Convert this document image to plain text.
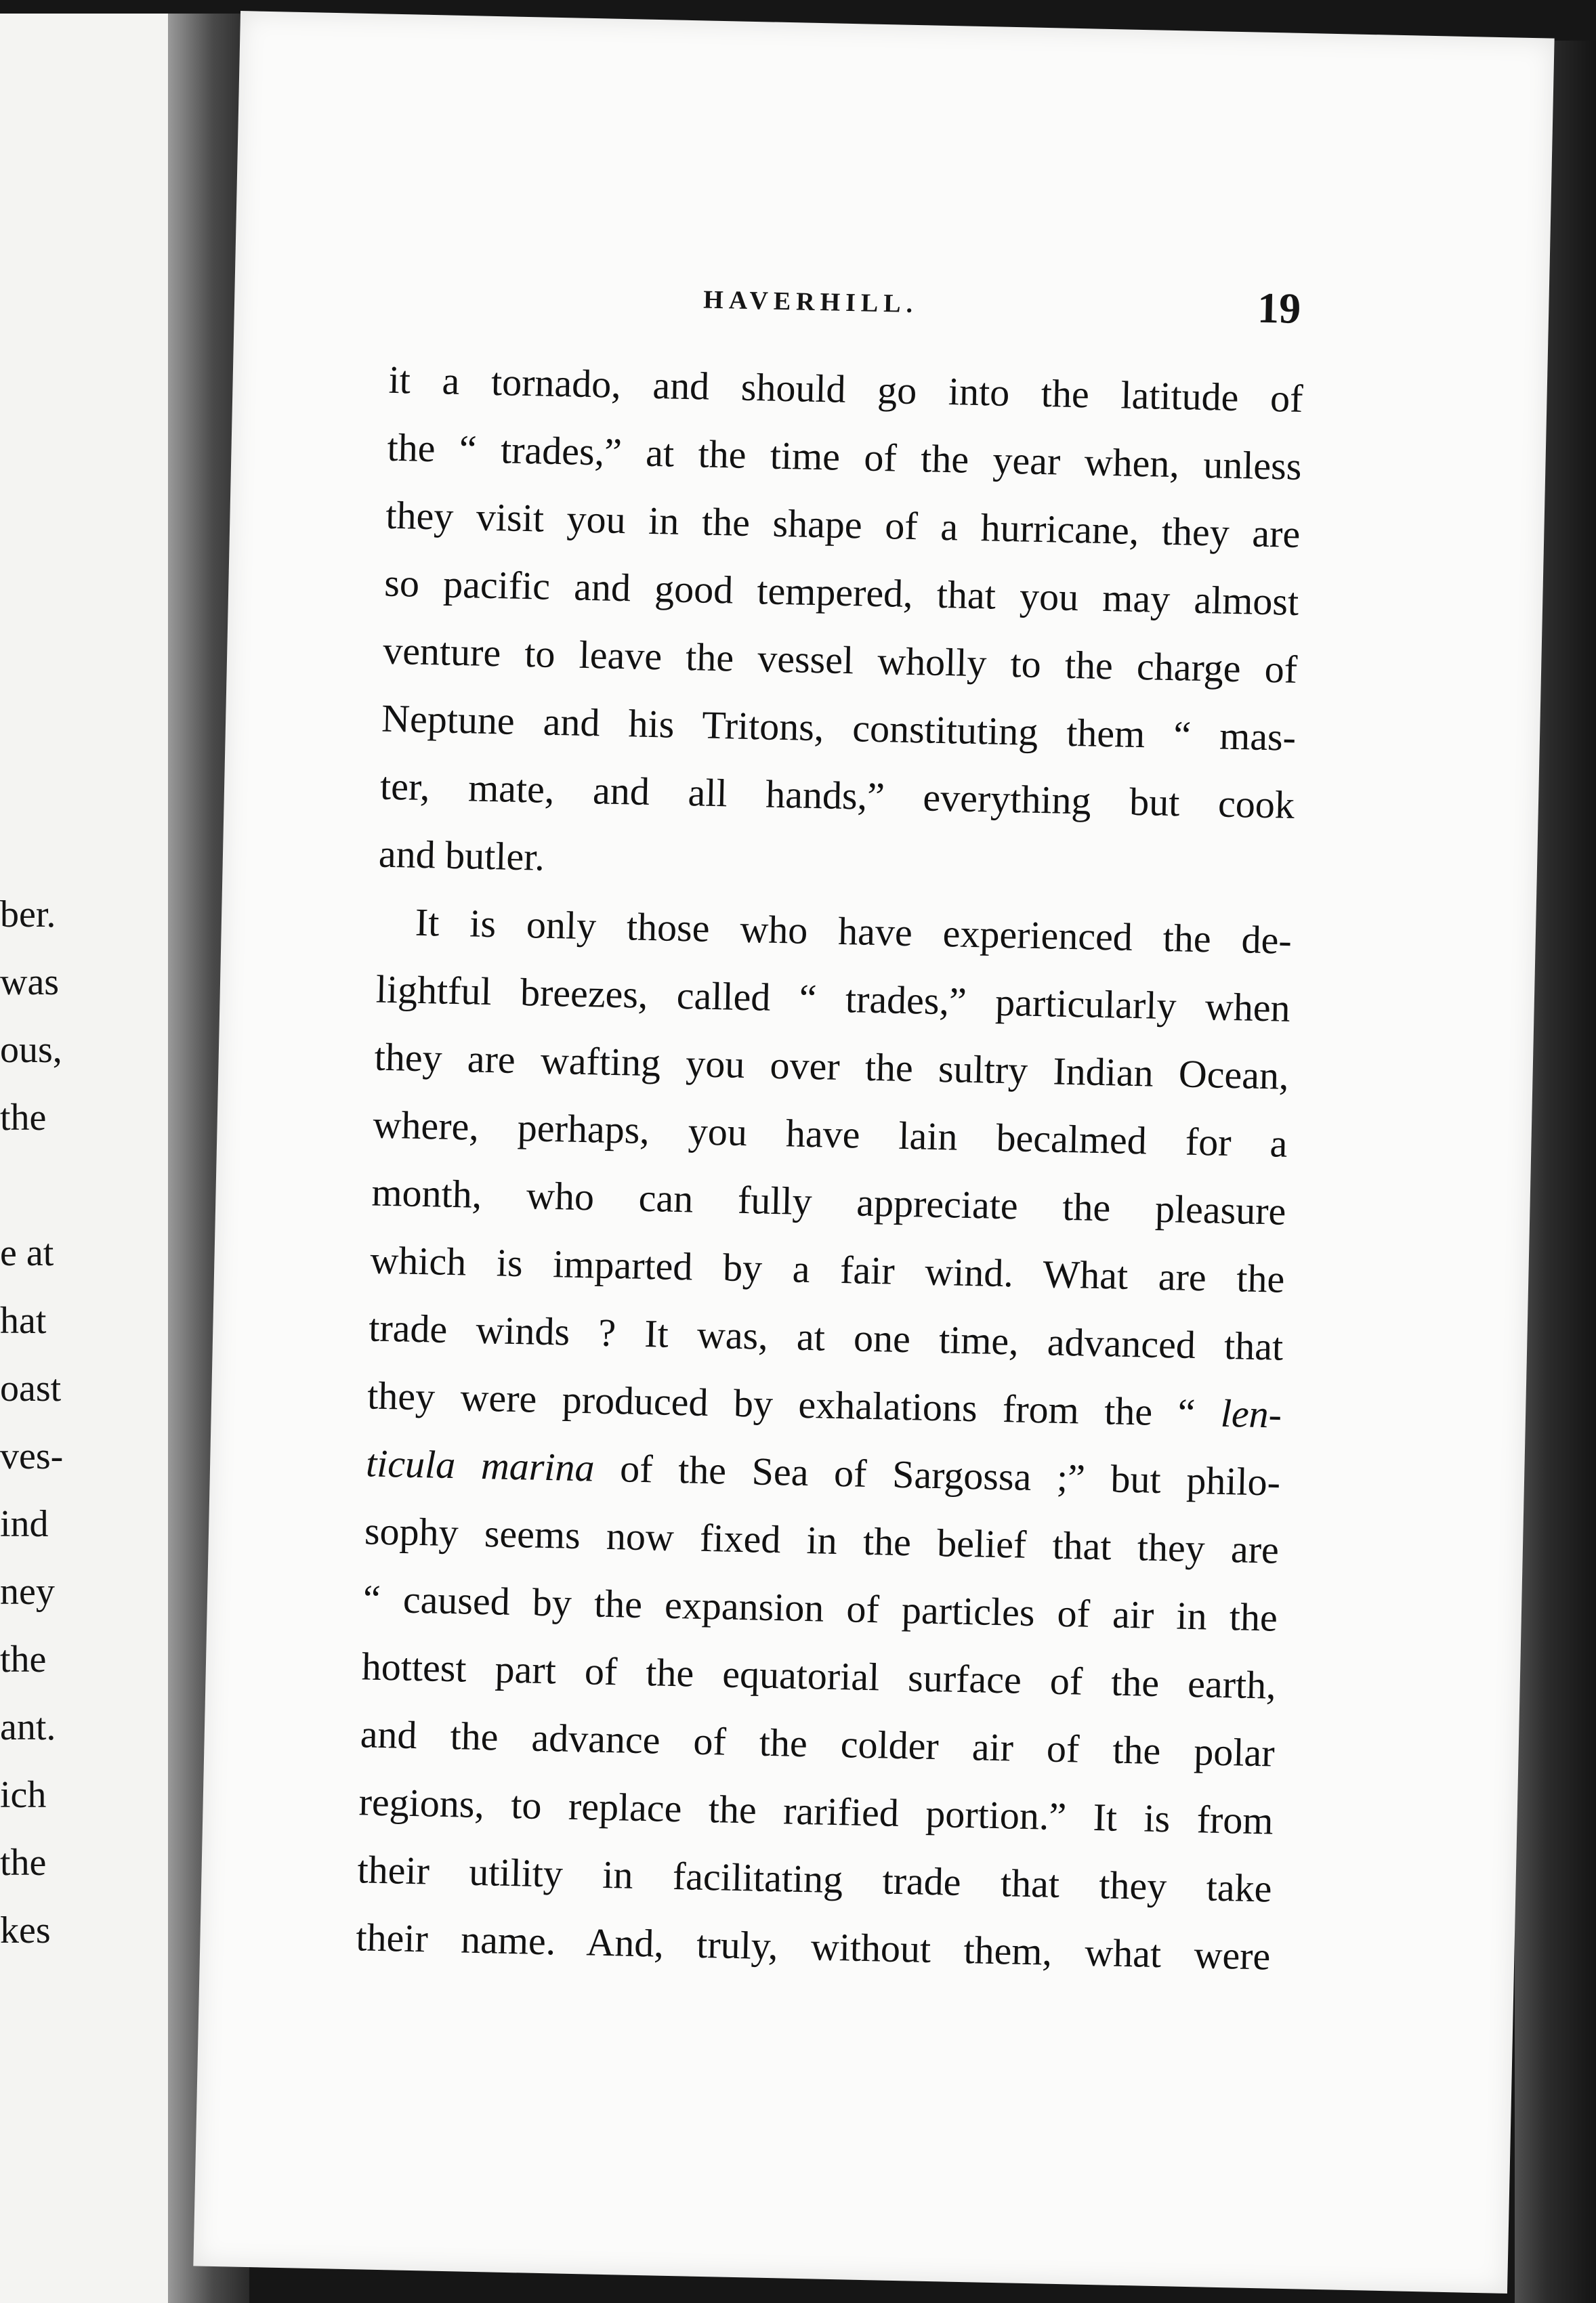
ber.

was

ous,

the

e at

hat

oast

ves-

ind

ney

the

ant.

ich

the

kes

HAVERHILL.	19

it a tornado, and should go into the latitude of
the “ trades,” at the time of the year when, unless
they visit you in the shape of a hurricane, they are
so pacific and good tempered, that you may almost
venture to leave the vessel wholly to the charge of
Neptune and his Tritons, constituting them “ mas-
ter, mate, and all hands,” everything but cook
and butler.

It is only those who have experienced the de-
lightful breezes, called “ trades,” particularly when
they are wafting you over the sultry Indian Ocean,
where, perhaps, you have lain becalmed for a
month, who can fully appreciate the pleasure
which is imparted by a fair wind. What are the
trade winds ? It was, at one time, advanced that
they were produced by exhalations from the “ len-
ticula marina of the Sea of Sargossa ;” but philo-
sophy seems now fixed in the belief that they are
“ caused by the expansion of particles of air in the
hottest part of the equatorial surface of the earth,
and the advance of the colder air of the polar
regions, to replace the rarified portion.” It is from
their utility in facilitating trade that they take
their name. And, truly, without them, what were
